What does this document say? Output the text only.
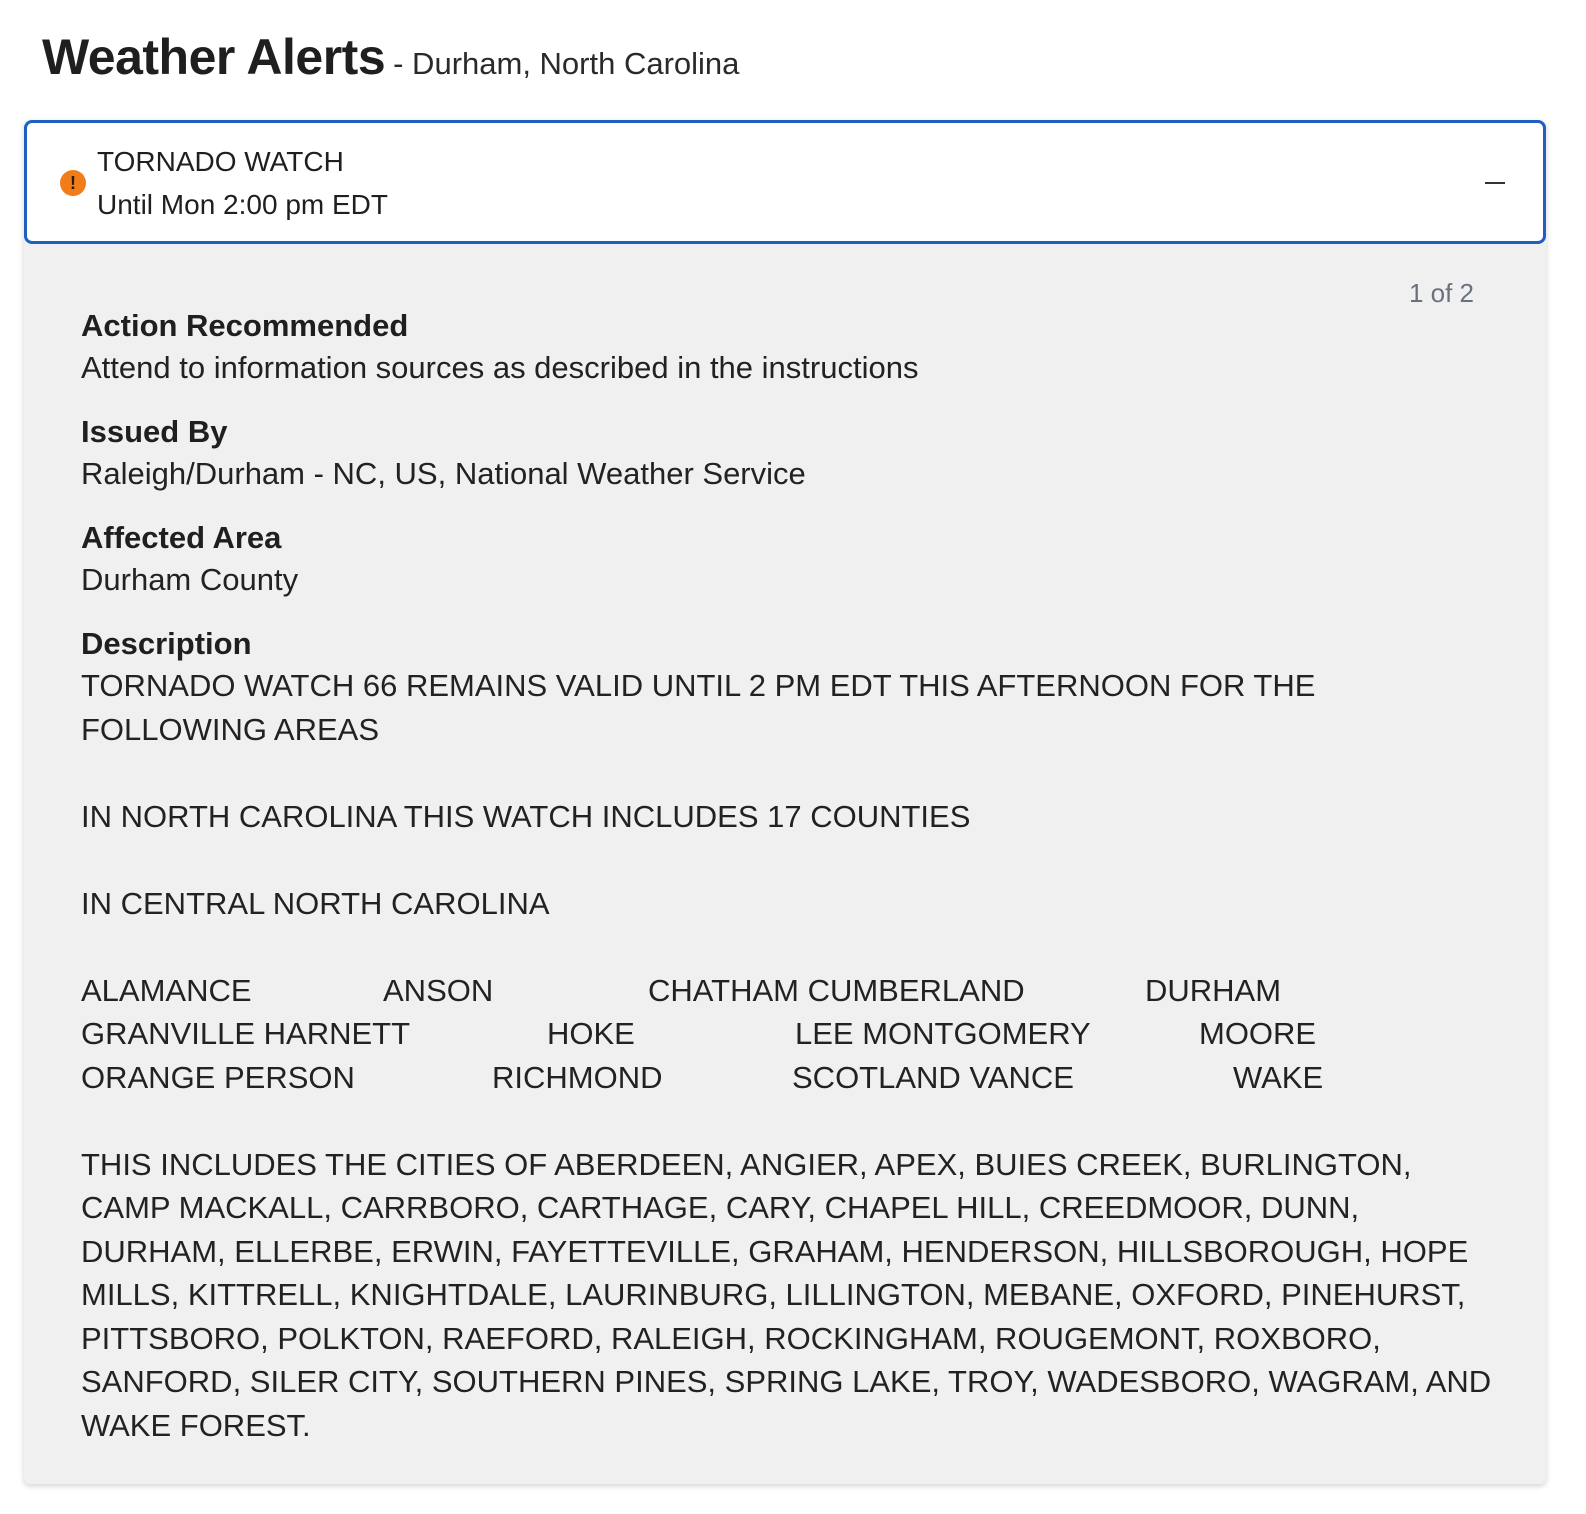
Weather Alerts - Durham, North Carolina
!
TORNADO WATCH
Until Mon 2:00 pm EDT
1 of 2
Action Recommended
Attend to information sources as described in the instructions
Issued By
Raleigh/Durham - NC, US, National Weather Service
Affected Area
Durham County
Description

TORNADO WATCH 66 REMAINS VALID UNTIL 2 PM EDT THIS AFTERNOON FOR THE FOLLOWING AREAS

IN NORTH CAROLINA THIS WATCH INCLUDES 17 COUNTIES

IN CENTRAL NORTH CAROLINA

ALAMANCE	ANSON	CHATHAM CUMBERLAND	DURHAM
GRANVILLE HARNETT	HOKE	LEE MONTGOMERY	MOORE
ORANGE PERSON	RICHMOND	SCOTLAND VANCE	WAKE

THIS INCLUDES THE CITIES OF ABERDEEN, ANGIER, APEX, BUIES CREEK, BURLINGTON, CAMP MACKALL, CARRBORO, CARTHAGE, CARY, CHAPEL HILL, CREEDMOOR, DUNN, DURHAM, ELLERBE, ERWIN, FAYETTEVILLE, GRAHAM, HENDERSON, HILLSBOROUGH, HOPE MILLS, KITTRELL, KNIGHTDALE, LAURINBURG, LILLINGTON, MEBANE, OXFORD, PINEHURST, PITTSBORO, POLKTON, RAEFORD, RALEIGH, ROCKINGHAM, ROUGEMONT, ROXBORO, SANFORD, SILER CITY, SOUTHERN PINES, SPRING LAKE, TROY, WADESBORO, WAGRAM, AND WAKE FOREST.
